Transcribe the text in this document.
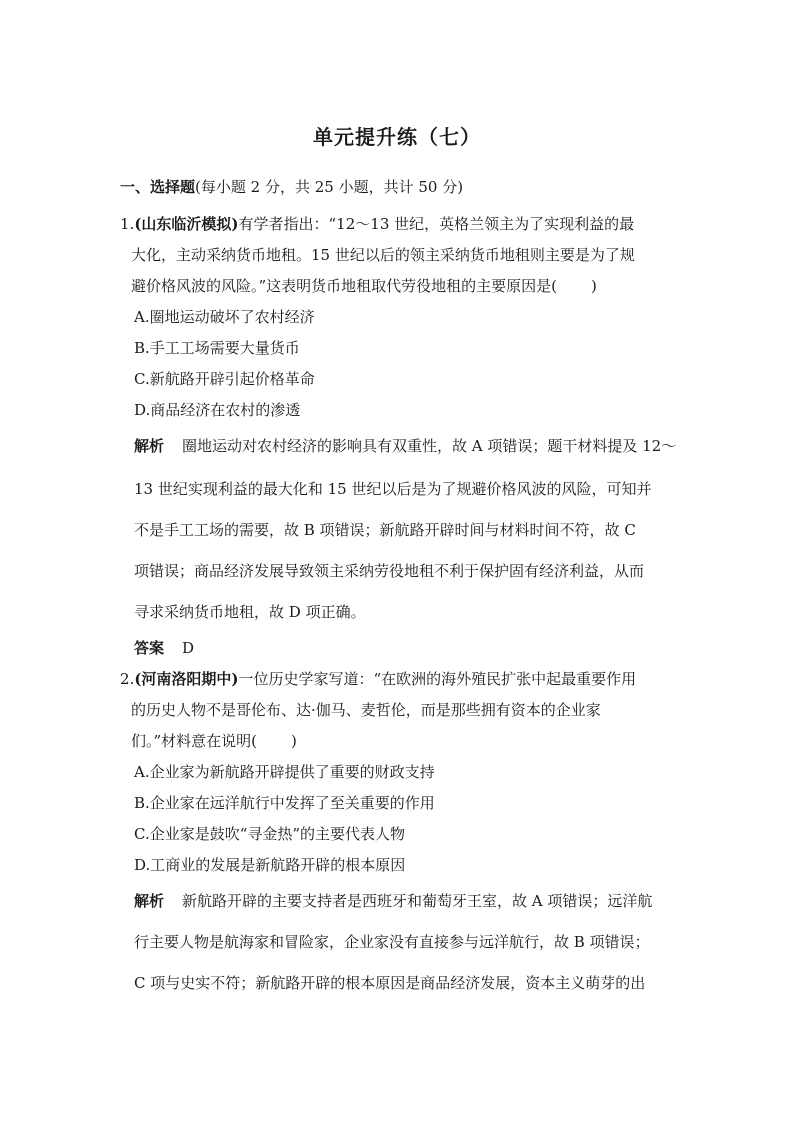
单元提升练（七）
一、选择题(每小题 2 分，共 25 小题，共计 50 分)
1.(山东临沂模拟)有学者指出：“12～13 世纪，英格兰领主为了实现利益的最
大化，主动采纳货币地租。15 世纪以后的领主采纳货币地租则主要是为了规
避价格风波的风险。”这表明货币地租取代劳役地租的主要原因是( )
A.圈地运动破坏了农村经济
B.手工工场需要大量货币
C.新航路开辟引起价格革命
D.商品经济在农村的渗透
解析 圈地运动对农村经济的影响具有双重性，故 A 项错误；题干材料提及 12～
13 世纪实现利益的最大化和 15 世纪以后是为了规避价格风波的风险，可知并
不是手工工场的需要，故 B 项错误；新航路开辟时间与材料时间不符，故 C
项错误；商品经济发展导致领主采纳劳役地租不利于保护固有经济利益，从而
寻求采纳货币地租，故 D 项正确。
答案 D
2.(河南洛阳期中)一位历史学家写道：“在欧洲的海外殖民扩张中起最重要作用
的历史人物不是哥伦布、达·伽马、麦哲伦，而是那些拥有资本的企业家
们。”材料意在说明( )
A.企业家为新航路开辟提供了重要的财政支持
B.企业家在远洋航行中发挥了至关重要的作用
C.企业家是鼓吹“寻金热”的主要代表人物
D.工商业的发展是新航路开辟的根本原因
解析 新航路开辟的主要支持者是西班牙和葡萄牙王室，故 A 项错误；远洋航
行主要人物是航海家和冒险家，企业家没有直接参与远洋航行，故 B 项错误；
C 项与史实不符；新航路开辟的根本原因是商品经济发展，资本主义萌芽的出
